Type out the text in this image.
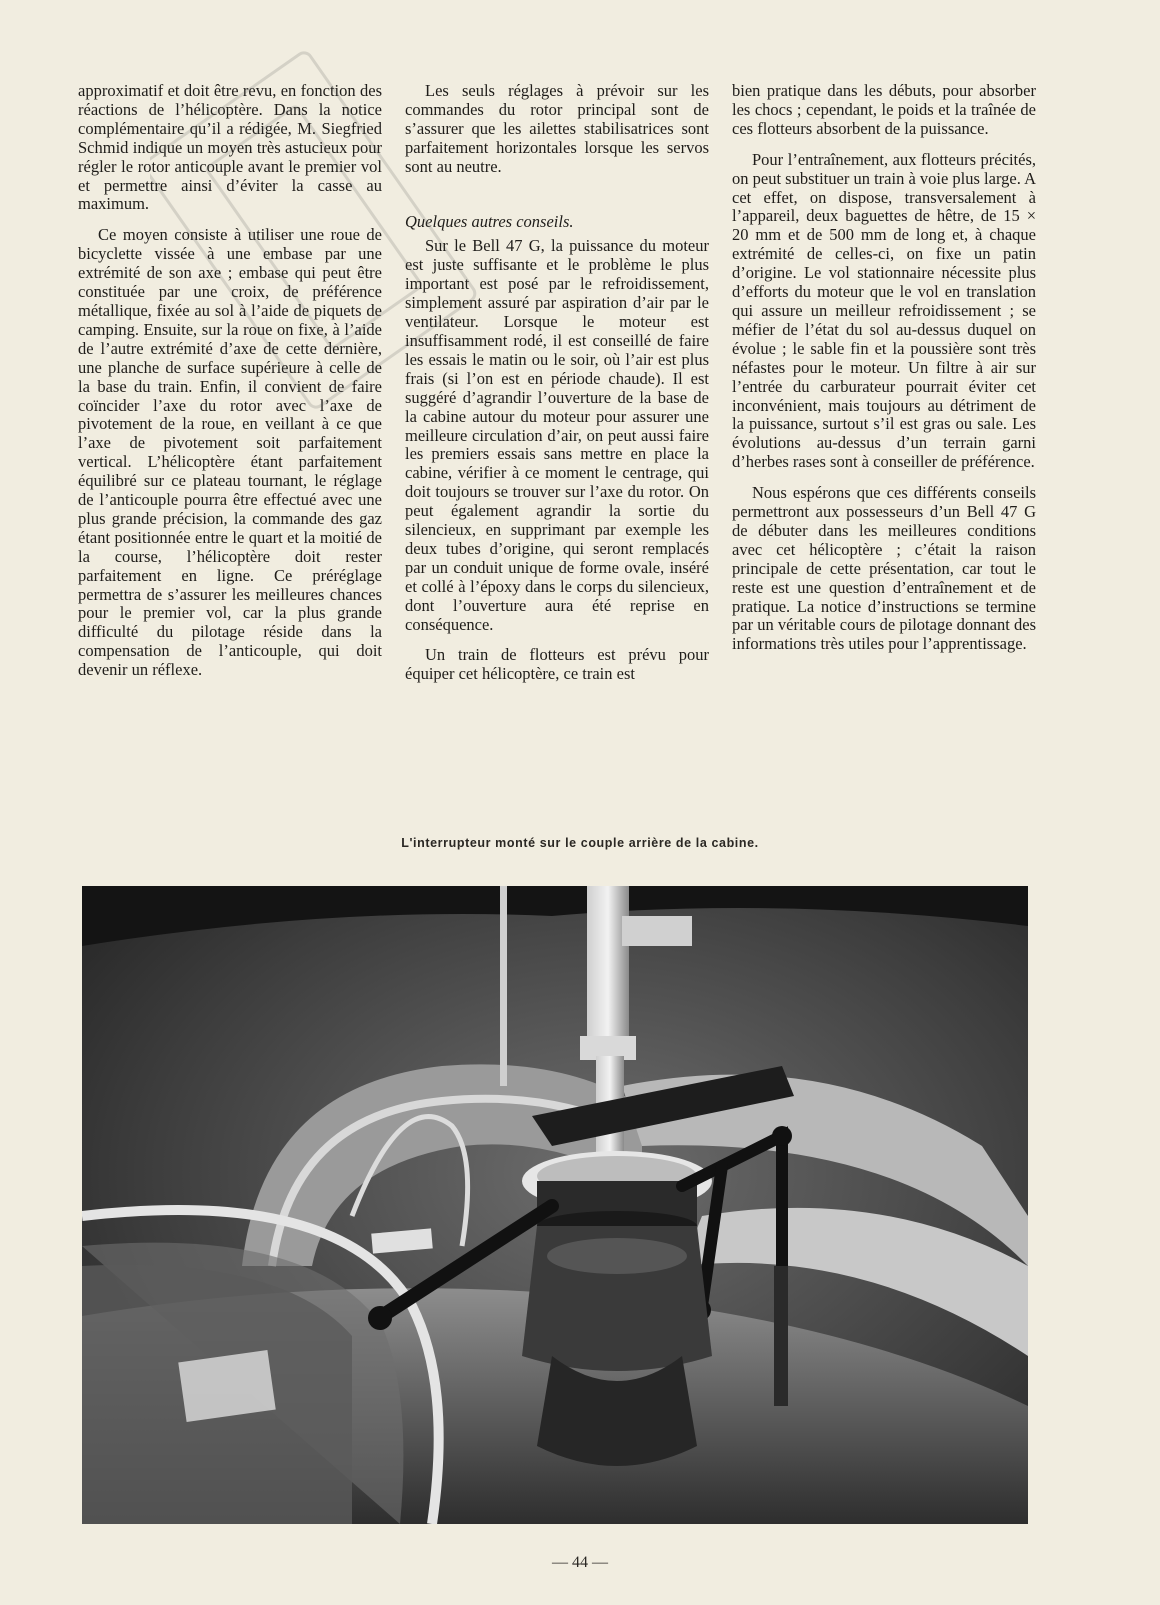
approximatif et doit être revu, en fonction des réactions de l’hélicoptère. Dans la notice complémentaire qu’il a rédigée, M. Siegfried Schmid indique un moyen très astucieux pour régler le rotor anticouple avant le premier vol et permettre ainsi d’éviter la casse au maximum.

Ce moyen consiste à utiliser une roue de bicyclette vissée à une embase par une extrémité de son axe ; embase qui peut être constituée par une croix, de préférence métallique, fixée au sol à l’aide de piquets de camping. Ensuite, sur la roue on fixe, à l’aide de l’autre extrémité d’axe de cette dernière, une planche de surface supérieure à celle de la base du train. Enfin, il convient de faire coïncider l’axe du rotor avec l’axe de pivotement de la roue, en veillant à ce que l’axe de pivotement soit parfaitement vertical. L’hélicoptère étant parfaitement équilibré sur ce plateau tournant, le réglage de l’anticouple pourra être effectué avec une plus grande précision, la commande des gaz étant positionnée entre le quart et la moitié de la course, l’hélicoptère doit rester parfaitement en ligne. Ce préréglage permettra de s’assurer les meilleures chances pour le premier vol, car la plus grande difficulté du pilotage réside dans la compensation de l’anticouple, qui doit devenir un réflexe.

Les seuls réglages à prévoir sur les commandes du rotor principal sont de s’assurer que les ailettes stabilisatrices sont parfaitement horizontales lorsque les servos sont au neutre.

Quelques autres conseils.

Sur le Bell 47 G, la puissance du moteur est juste suffisante et le problème le plus important est posé par le refroidissement, simplement assuré par aspiration d’air par le ventilateur. Lorsque le moteur est insuffisamment rodé, il est conseillé de faire les essais le matin ou le soir, où l’air est plus frais (si l’on est en période chaude). Il est suggéré d’agrandir l’ouverture de la base de la cabine autour du moteur pour assurer une meilleure circulation d’air, on peut aussi faire les premiers essais sans mettre en place la cabine, vérifier à ce moment le centrage, qui doit toujours se trouver sur l’axe du rotor. On peut également agrandir la sortie du silencieux, en supprimant par exemple les deux tubes d’origine, qui seront remplacés par un conduit unique de forme ovale, inséré et collé à l’époxy dans le corps du silencieux, dont l’ouverture aura été reprise en conséquence.

Un train de flotteurs est prévu pour équiper cet hélicoptère, ce train est

bien pratique dans les débuts, pour absorber les chocs ; cependant, le poids et la traînée de ces flotteurs absorbent de la puissance.

Pour l’entraînement, aux flotteurs précités, on peut substituer un train à voie plus large. A cet effet, on dispose, transversalement à l’appareil, deux baguettes de hêtre, de 15 × 20 mm et de 500 mm de long et, à chaque extrémité de celles-ci, on fixe un patin d’origine. Le vol stationnaire nécessite plus d’efforts du moteur que le vol en translation qui assure un meilleur refroidissement ; se méfier de l’état du sol au-dessus duquel on évolue ; le sable fin et la poussière sont très néfastes pour le moteur. Un filtre à air sur l’entrée du carburateur pourrait éviter cet inconvénient, mais toujours au détriment de la puissance, surtout s’il est gras ou sale. Les évolutions au-dessus d’un terrain garni d’herbes rases sont à conseiller de préférence.

Nous espérons que ces différents conseils permettront aux possesseurs d’un Bell 47 G de débuter dans les meilleures conditions avec cet hélicoptère ; c’était la raison principale de cette présentation, car tout le reste est une question d’entraînement et de pratique. La notice d’instructions se termine par un véritable cours de pilotage donnant des informations très utiles pour l’apprentissage.

L'interrupteur monté sur le couple arrière de la cabine.
— 44 —
